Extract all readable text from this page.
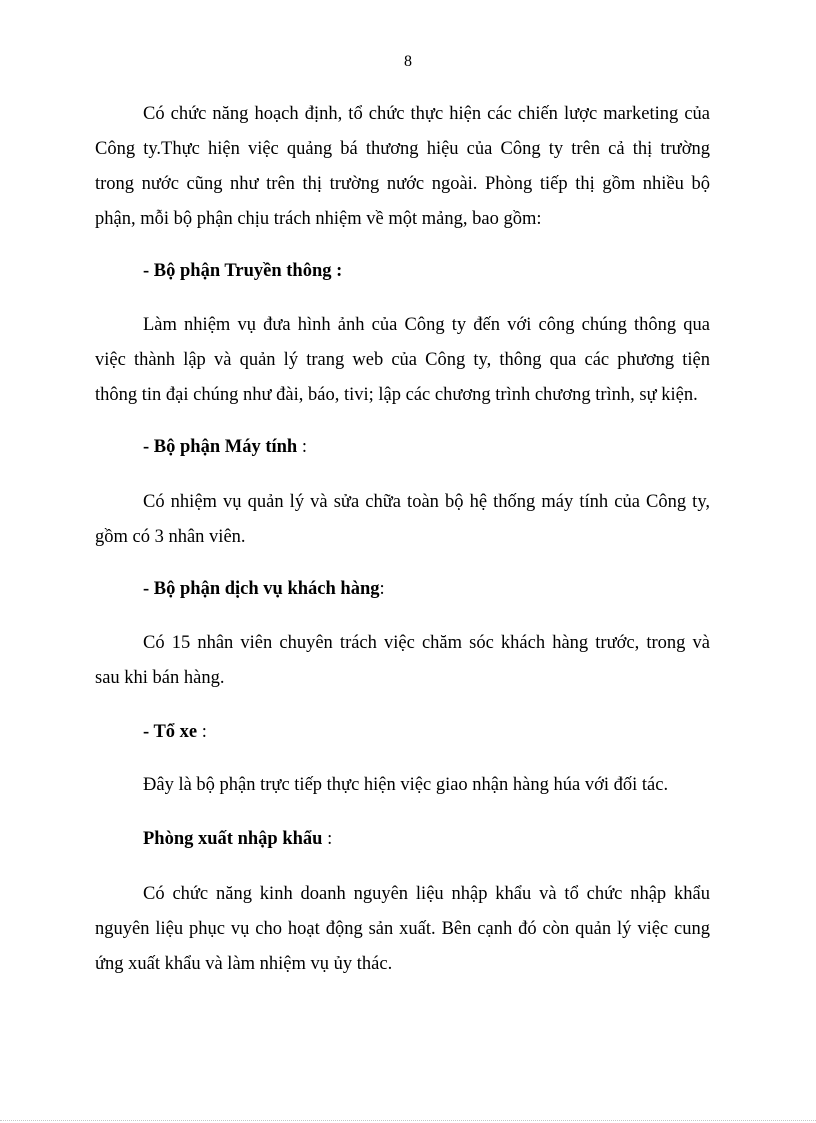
8
Có chức năng hoạch định, tổ chức thực hiện các chiến lược marketing của
Công ty.Thực hiện việc quảng bá thương hiệu của Công ty trên cả thị trường
trong nước cũng như trên thị trường nước ngoài. Phòng tiếp thị gồm nhiều bộ
phận, mỗi bộ phận chịu trách nhiệm về một mảng, bao gồm:
- Bộ phận Truyền thông :
Làm nhiệm vụ đưa hình ảnh của Công ty đến với công chúng thông qua
việc thành lập và quản lý trang web của Công ty, thông qua các phương tiện
thông tin đại chúng như đài, báo, tivi; lập các chương trình chương trình, sự kiện.
- Bộ phận Máy tính :
Có nhiệm vụ quản lý và sửa chữa toàn bộ hệ thống máy tính của Công ty,
gồm có 3 nhân viên.
- Bộ phận dịch vụ khách hàng:
Có 15 nhân viên chuyên trách việc chăm sóc khách hàng trước, trong và
sau khi bán hàng.
- Tổ xe :
Đây là bộ phận trực tiếp thực hiện việc giao nhận hàng húa với đối tác.
Phòng xuất nhập khẩu :
Có chức năng kinh doanh nguyên liệu nhập khẩu và tổ chức nhập khẩu
nguyên liệu phục vụ cho hoạt động sản xuất. Bên cạnh đó còn quản lý việc cung
ứng xuất khẩu và làm nhiệm vụ ủy thác.
